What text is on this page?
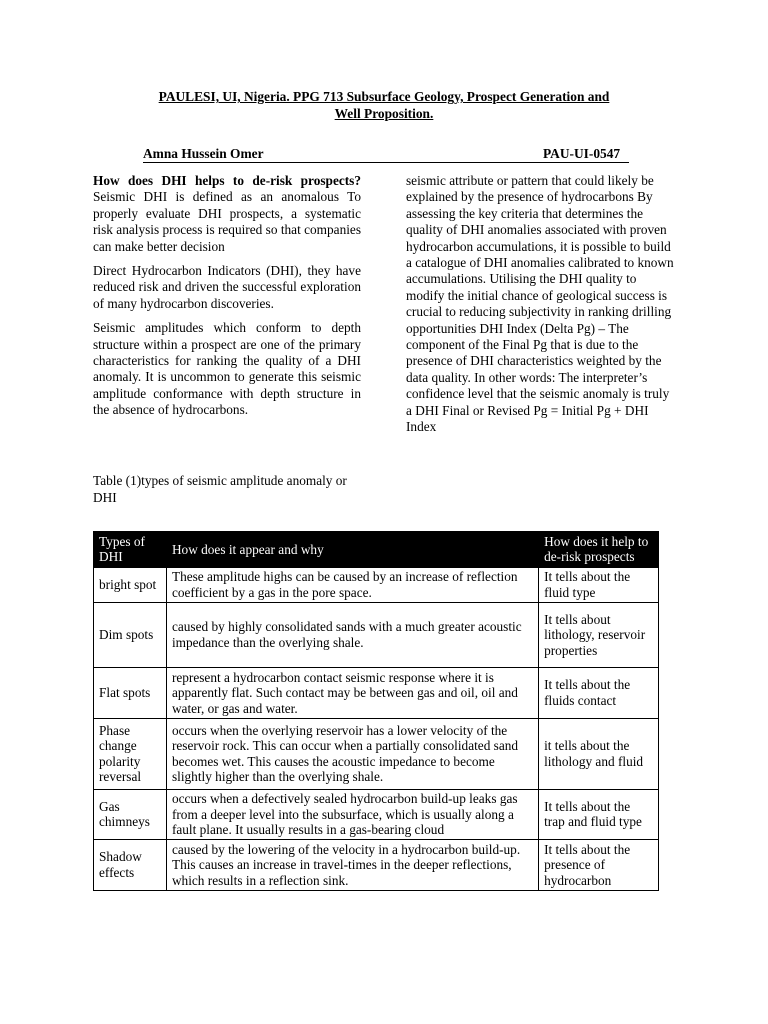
PAULESI, UI, Nigeria. PPG 713 Subsurface Geology, Prospect Generation and
Well Proposition.
Amna Hussein Omer	PAU-UI-0547

How does DHI helps to de-risk prospects? Seismic DHI is defined as an anomalous To properly evaluate DHI prospects, a systematic risk analysis process is required so that companies can make better decision

Direct Hydrocarbon Indicators (DHI), they have reduced risk and driven the successful exploration of many hydrocarbon discoveries.

Seismic amplitudes which conform to depth structure within a prospect are one of the primary characteristics for ranking the quality of a DHI anomaly. It is uncommon to generate this seismic amplitude conformance with depth structure in the absence of hydrocarbons.

seismic attribute or pattern that could likely be explained by the presence of hydrocarbons By assessing the key criteria that determines the quality of DHI anomalies associated with proven hydrocarbon accumulations, it is possible to build a catalogue of DHI anomalies calibrated to known accumulations. Utilising the DHI quality to modify the initial chance of geological success is crucial to reducing subjectivity in ranking drilling opportunities DHI Index (Delta Pg) – The component of the Final Pg that is due to the presence of DHI characteristics weighted by the data quality. In other words: The interpreter’s confidence level that the seismic anomaly is truly a DHI Final or Revised Pg = Initial Pg + DHI Index

Table (1)types of seismic amplitude anomaly or DHI
Types of DHI	How does it appear and why	How does it help to de-risk prospects
bright spot	These amplitude highs can be caused by an increase of reflection coefficient by a gas in the pore space.	It tells about the fluid type
Dim spots	caused by highly consolidated sands with a much greater acoustic impedance than the overlying shale.	It tells about lithology, reservoir properties
Flat spots	represent a hydrocarbon contact seismic response where it is apparently flat. Such contact may be between gas and oil, oil and water, or gas and water.	It tells about the fluids contact
Phase change polarity reversal	occurs when the overlying reservoir has a lower velocity of the reservoir rock. This can occur when a partially consolidated sand becomes wet. This causes the acoustic impedance to become slightly higher than the overlying shale.	it tells about the lithology and fluid
Gas chimneys	occurs when a defectively sealed hydrocarbon build-up leaks gas from a deeper level into the subsurface, which is usually along a fault plane. It usually results in a gas-bearing cloud	It tells about the trap and fluid type
Shadow effects	caused by the lowering of the velocity in a hydrocarbon build-up. This causes an increase in travel-times in the deeper reflections, which results in a reflection sink.	It tells about the presence of hydrocarbon
